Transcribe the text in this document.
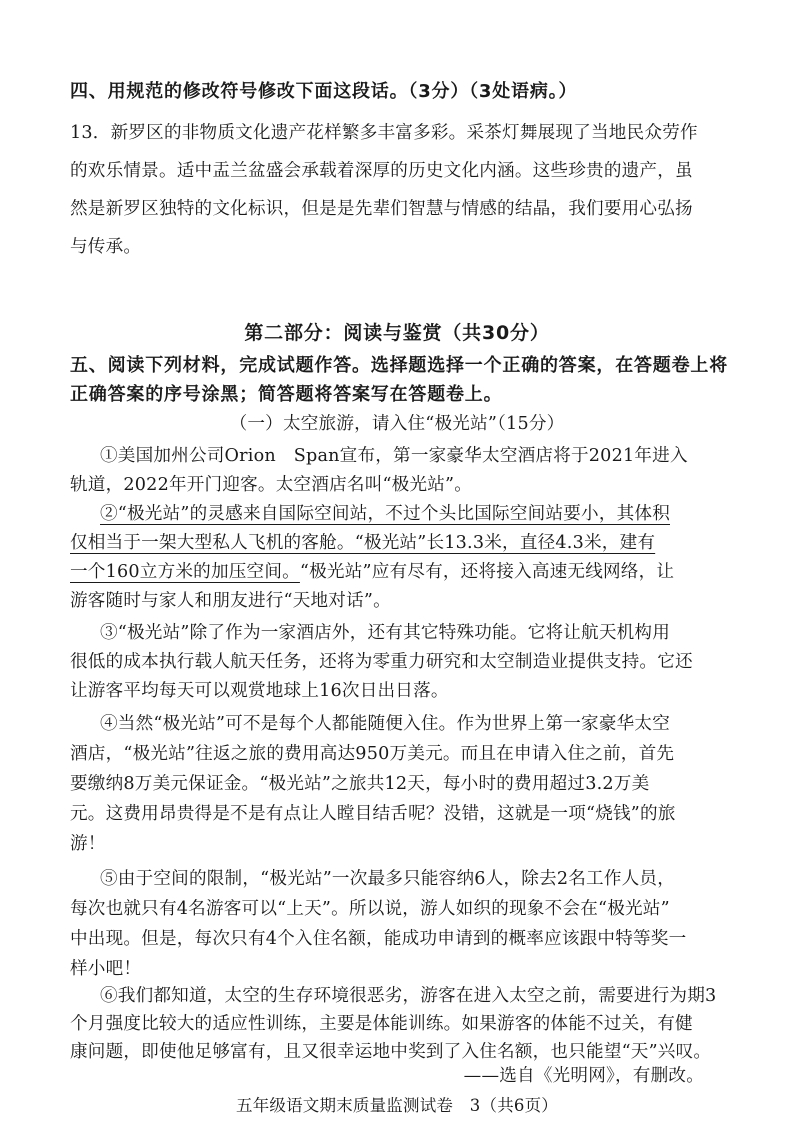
四、用规范的修改符号修改下面这段话。（3分）（3处语病。）
13．新罗区的非物质文化遗产花样繁多丰富多彩。采茶灯舞展现了当地民众劳作
的欢乐情景。适中盂兰盆盛会承载着深厚的历史文化内涵。这些珍贵的遗产，虽
然是新罗区独特的文化标识，但是是先辈们智慧与情感的结晶，我们要用心弘扬
与传承。
第二部分：阅读与鉴赏（共30分）
五、阅读下列材料，完成试题作答。选择题选择一个正确的答案，在答题卷上将
正确答案的序号涂黑；简答题将答案写在答题卷上。
（一）太空旅游，请入住“极光站”（15分）
①美国加州公司Orion　Span宣布，第一家豪华太空酒店将于2021年进入
轨道，2022年开门迎客。太空酒店名叫“极光站”。
②“极光站”的灵感来自国际空间站，不过个头比国际空间站要小，其体积
仅相当于一架大型私人飞机的客舱。“极光站”长13.3米，直径4.3米，建有
一个160立方米的加压空间。“极光站”应有尽有，还将接入高速无线网络，让
游客随时与家人和朋友进行“天地对话”。
③“极光站”除了作为一家酒店外，还有其它特殊功能。它将让航天机构用
很低的成本执行载人航天任务，还将为零重力研究和太空制造业提供支持。它还
让游客平均每天可以观赏地球上16次日出日落。
④当然“极光站”可不是每个人都能随便入住。作为世界上第一家豪华太空
酒店，“极光站”往返之旅的费用高达950万美元。而且在申请入住之前，首先
要缴纳8万美元保证金。“极光站”之旅共12天，每小时的费用超过3.2万美
元。这费用昂贵得是不是有点让人瞠目结舌呢？没错，这就是一项“烧钱”的旅
游！
⑤由于空间的限制，“极光站”一次最多只能容纳6人，除去2名工作人员，
每次也就只有4名游客可以“上天”。所以说，游人如织的现象不会在“极光站”
中出现。但是，每次只有4个入住名额，能成功申请到的概率应该跟中特等奖一
样小吧！
⑥我们都知道，太空的生存环境很恶劣，游客在进入太空之前，需要进行为期3
个月强度比较大的适应性训练，主要是体能训练。如果游客的体能不过关，有健
康问题，即使他足够富有，且又很幸运地中奖到了入住名额，也只能望“天”兴叹。
五年级语文期末质量监测试卷　3（共6页）
——选自《光明网》，有删改。
